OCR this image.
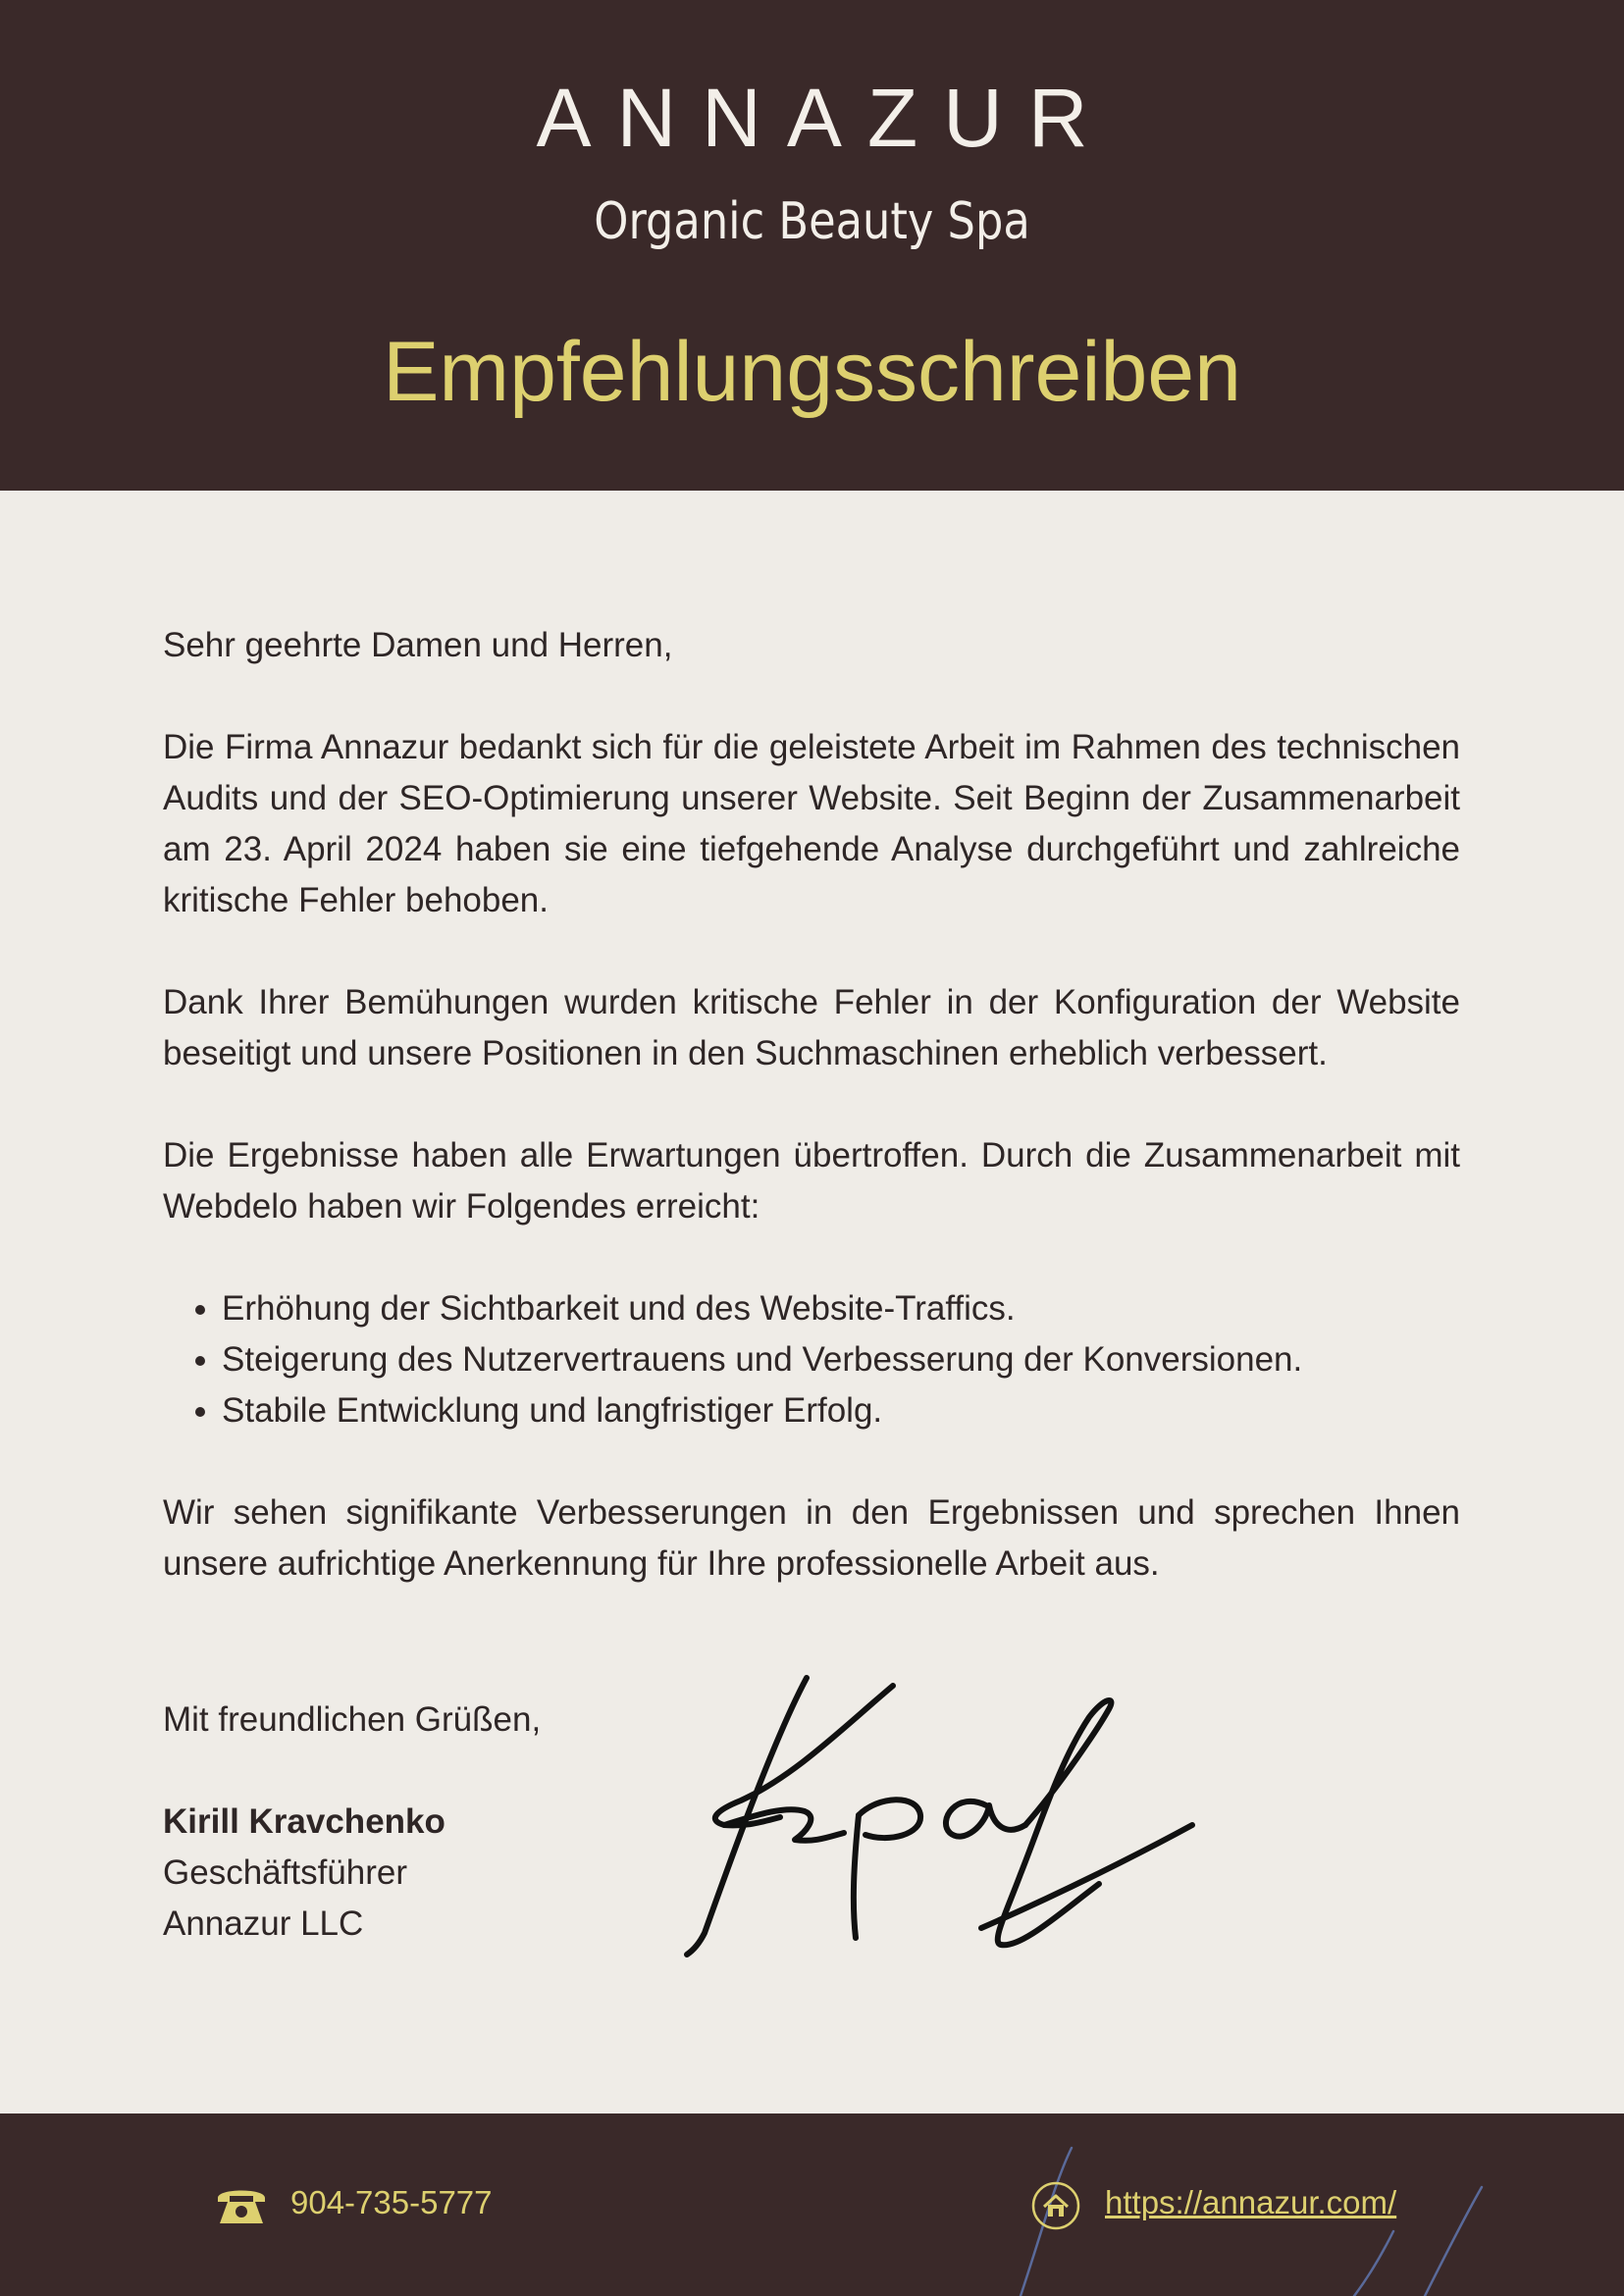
ANNAZUR
Organic Beauty Spa
Empfehlungsschreiben

Sehr geehrte Damen und Herren,

Die Firma Annazur bedankt sich für die geleistete Arbeit im Rahmen des technischen Audits und der SEO-Optimierung unserer Website. Seit Beginn der Zusammenarbeit am 23. April 2024 haben sie eine tiefgehende Analyse durchgeführt und zahlreiche kritische Fehler behoben.

Dank Ihrer Bemühungen wurden kritische Fehler in der Konfiguration der Website beseitigt und unsere Positionen in den Suchmaschinen erheblich verbessert.

Die Ergebnisse haben alle Erwartungen übertroffen. Durch die Zusammenarbeit mit Webdelo haben wir Folgendes erreicht:

• Erhöhung der Sichtbarkeit und des Website-Traffics.
• Steigerung des Nutzervertrauens und Verbesserung der Konversionen.
• Stabile Entwicklung und langfristiger Erfolg.

Wir sehen signifikante Verbesserungen in den Ergebnissen und sprechen Ihnen unsere aufrichtige Anerkennung für Ihre professionelle Arbeit aus.

Mit freundlichen Grüßen,
Kirill Kravchenko
Geschäftsführer
Annazur LLC
904-735-5777	https://annazur.com/
